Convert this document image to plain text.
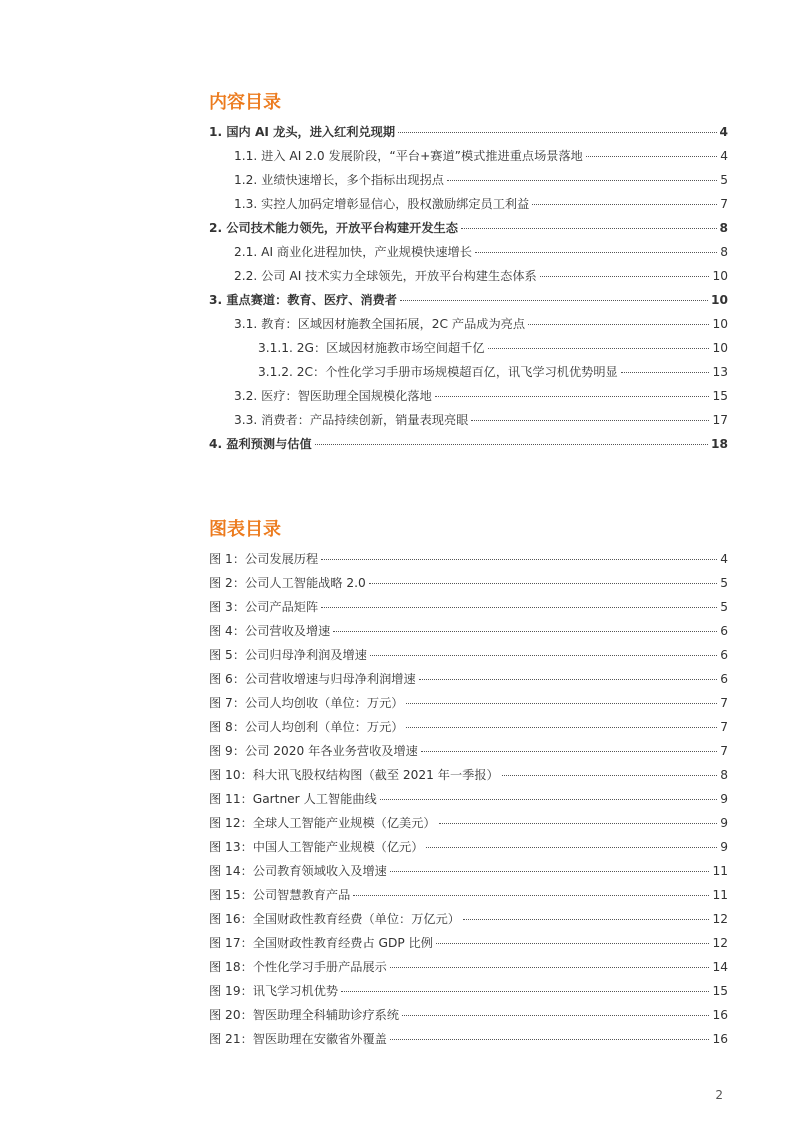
内容目录
1. 国内 AI 龙头，进入红利兑现期	4
1.1. 进入 AI 2.0 发展阶段，“平台+赛道”模式推进重点场景落地	4
1.2. 业绩快速增长，多个指标出现拐点	5
1.3. 实控人加码定增彰显信心，股权激励绑定员工利益	7
2. 公司技术能力领先，开放平台构建开发生态	8
2.1. AI 商业化进程加快，产业规模快速增长	8
2.2. 公司 AI 技术实力全球领先，开放平台构建生态体系	10
3. 重点赛道：教育、医疗、消费者	10
3.1. 教育：区域因材施教全国拓展，2C 产品成为亮点	10
3.1.1. 2G：区域因材施教市场空间超千亿	10
3.1.2. 2C：个性化学习手册市场规模超百亿，讯飞学习机优势明显	13
3.2. 医疗：智医助理全国规模化落地	15
3.3. 消费者：产品持续创新，销量表现亮眼	17
4. 盈利预测与估值	18
图表目录
图 1：公司发展历程	4
图 2：公司人工智能战略 2.0	5
图 3：公司产品矩阵	5
图 4：公司营收及增速	6
图 5：公司归母净利润及增速	6
图 6：公司营收增速与归母净利润增速	6
图 7：公司人均创收（单位：万元）	7
图 8：公司人均创利（单位：万元）	7
图 9：公司 2020 年各业务营收及增速	7
图 10：科大讯飞股权结构图（截至 2021 年一季报）	8
图 11：Gartner 人工智能曲线	9
图 12：全球人工智能产业规模（亿美元）	9
图 13：中国人工智能产业规模（亿元）	9
图 14：公司教育领域收入及增速	11
图 15：公司智慧教育产品	11
图 16：全国财政性教育经费（单位：万亿元）	12
图 17：全国财政性教育经费占 GDP 比例	12
图 18：个性化学习手册产品展示	14
图 19：讯飞学习机优势	15
图 20：智医助理全科辅助诊疗系统	16
图 21：智医助理在安徽省外覆盖	16
2
